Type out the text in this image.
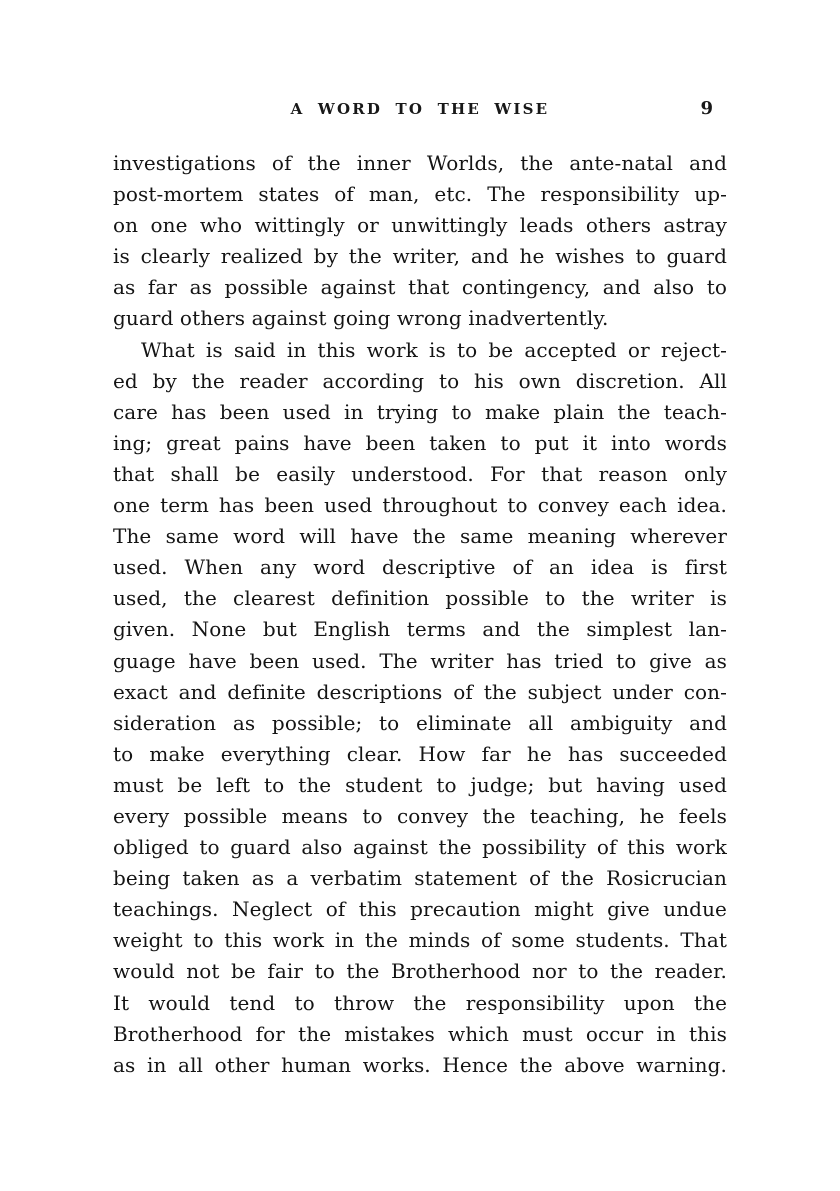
A WORD TO THE WISE	9
investigations of the inner Worlds, the ante-natal and
post-mortem states of man, etc. The responsibility up-
on one who wittingly or unwittingly leads others astray
is clearly realized by the writer, and he wishes to guard
as far as possible against that contingency, and also to
guard others against going wrong inadvertently.
What is said in this work is to be accepted or reject-
ed by the reader according to his own discretion. All
care has been used in trying to make plain the teach-
ing; great pains have been taken to put it into words
that shall be easily understood. For that reason only
one term has been used throughout to convey each idea.
The same word will have the same meaning wherever
used. When any word descriptive of an idea is first
used, the clearest definition possible to the writer is
given. None but English terms and the simplest lan-
guage have been used. The writer has tried to give as
exact and definite descriptions of the subject under con-
sideration as possible; to eliminate all ambiguity and
to make everything clear. How far he has succeeded
must be left to the student to judge; but having used
every possible means to convey the teaching, he feels
obliged to guard also against the possibility of this work
being taken as a verbatim statement of the Rosicrucian
teachings. Neglect of this precaution might give undue
weight to this work in the minds of some students. That
would not be fair to the Brotherhood nor to the reader.
It would tend to throw the responsibility upon the
Brotherhood for the mistakes which must occur in this
as in all other human works. Hence the above warning.
